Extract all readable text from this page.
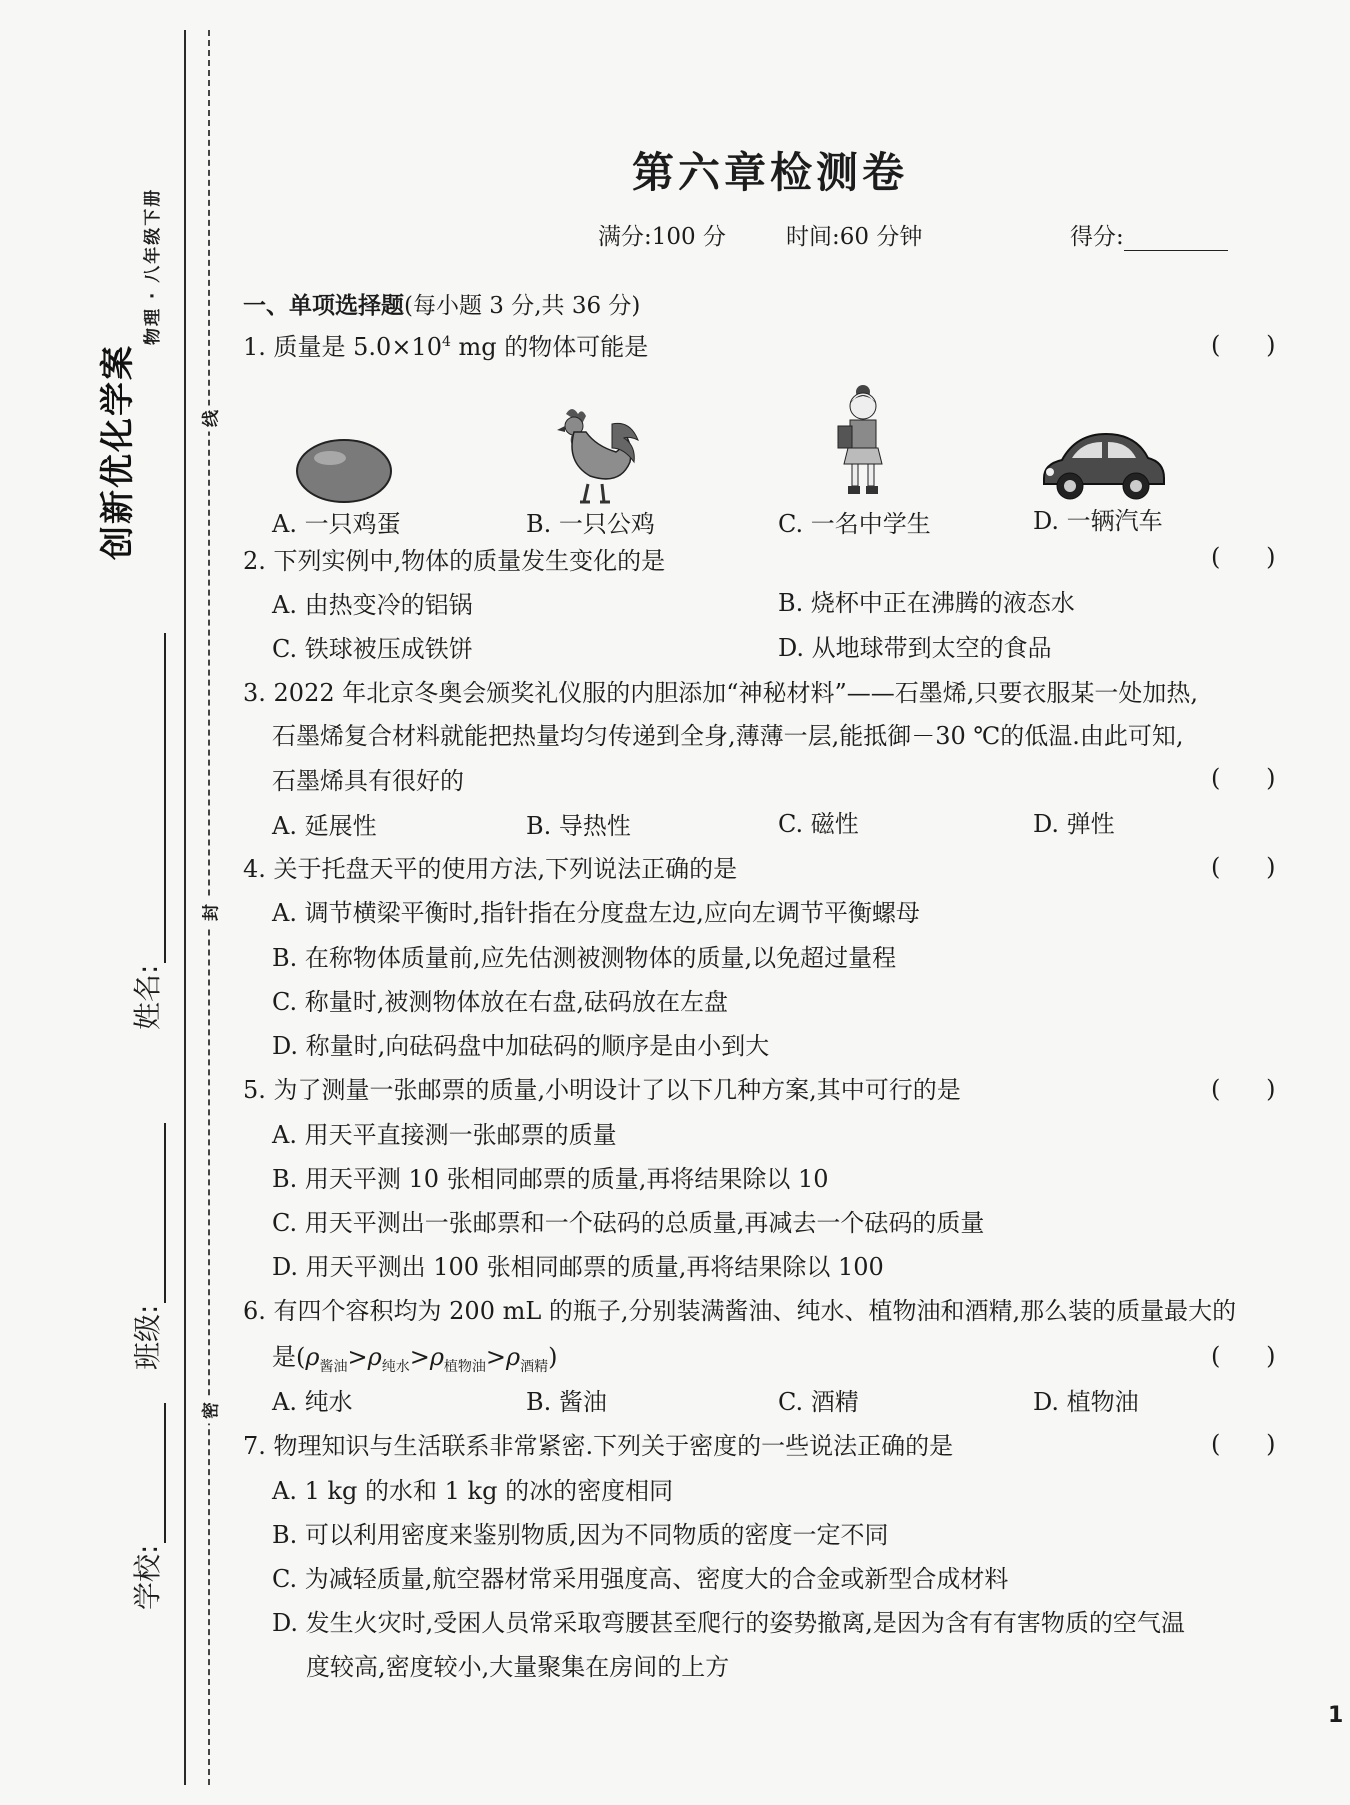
创新优化学案
物理 · 八年级下册
姓名:
班级:
学校:
线
封
密
第六章检测卷
满分:100 分	时间:60 分钟	得分:
一、单项选择题(每小题 3 分,共 36 分)
1. 质量是 $5.0\times 10^4$ mg 的物体可能是	(      )
A. 一只鸡蛋	B. 一只公鸡	C. 一名中学生	D. 一辆汽车
2. 下列实例中,物体的质量发生变化的是	(      )
A. 由热变冷的铝锅	B. 烧杯中正在沸腾的液态水
C. 铁球被压成铁饼	D. 从地球带到太空的食品
3. 2022 年北京冬奥会颁奖礼仪服的内胆添加“神秘材料”——石墨烯,只要衣服某一处加热,
石墨烯复合材料就能把热量均匀传递到全身,薄薄一层,能抵御－30 ℃的低温.由此可知,
石墨烯具有很好的	(      )
A. 延展性	B. 导热性	C. 磁性	D. 弹性
4. 关于托盘天平的使用方法,下列说法正确的是	(      )
A. 调节横梁平衡时,指针指在分度盘左边,应向左调节平衡螺母
B. 在称物体质量前,应先估测被测物体的质量,以免超过量程
C. 称量时,被测物体放在右盘,砝码放在左盘
D. 称量时,向砝码盘中加砝码的顺序是由小到大
5. 为了测量一张邮票的质量,小明设计了以下几种方案,其中可行的是	(      )
A. 用天平直接测一张邮票的质量
B. 用天平测 10 张相同邮票的质量,再将结果除以 10
C. 用天平测出一张邮票和一个砝码的总质量,再减去一个砝码的质量
D. 用天平测出 100 张相同邮票的质量,再将结果除以 100
6. 有四个容积均为 200 mL 的瓶子,分别装满酱油、纯水、植物油和酒精,那么装的质量最大的
是$(\rho_{酱油}>\rho_{纯水}>\rho_{植物油}>\rho_{酒精})$	(      )
A. 纯水	B. 酱油	C. 酒精	D. 植物油
7. 物理知识与生活联系非常紧密.下列关于密度的一些说法正确的是	(      )
A. 1 kg 的水和 1 kg 的冰的密度相同
B. 可以利用密度来鉴别物质,因为不同物质的密度一定不同
C. 为减轻质量,航空器材常采用强度高、密度大的合金或新型合成材料
D. 发生火灾时,受困人员常采取弯腰甚至爬行的姿势撤离,是因为含有有害物质的空气温
度较高,密度较小,大量聚集在房间的上方
1
